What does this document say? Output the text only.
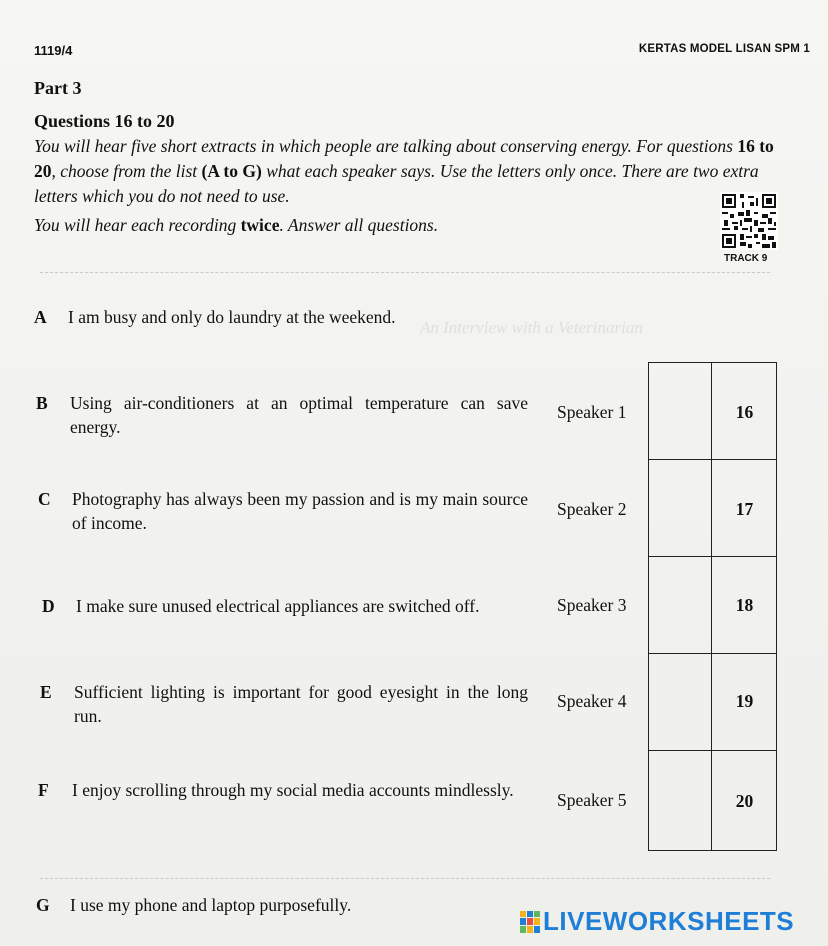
An Interview with a Veterinarian
1119/4	KERTAS MODEL LISAN SPM 1
Part 3
Questions 16 to 20
You will hear five short extracts in which people are talking about conserving energy. For questions 16 to 20, choose from the list (A to G) what each speaker says. Use the letters only once. There are two extra letters which you do not need to use.
You will hear each recording twice. Answer all questions.
TRACK 9
A I am busy and only do laundry at the weekend.
B Using air-conditioners at an optimal temperature can save energy.
C Photography has always been my passion and is my main source of income.
D I make sure unused electrical appliances are switched off.
E Sufficient lighting is important for good eyesight in the long run.
F I enjoy scrolling through my social media accounts mindlessly.
G I use my phone and laptop purposefully.
Speaker 1
Speaker 2
Speaker 3
Speaker 4
Speaker 5
16
17
18
19
20
LIVEWORKSHEETS
